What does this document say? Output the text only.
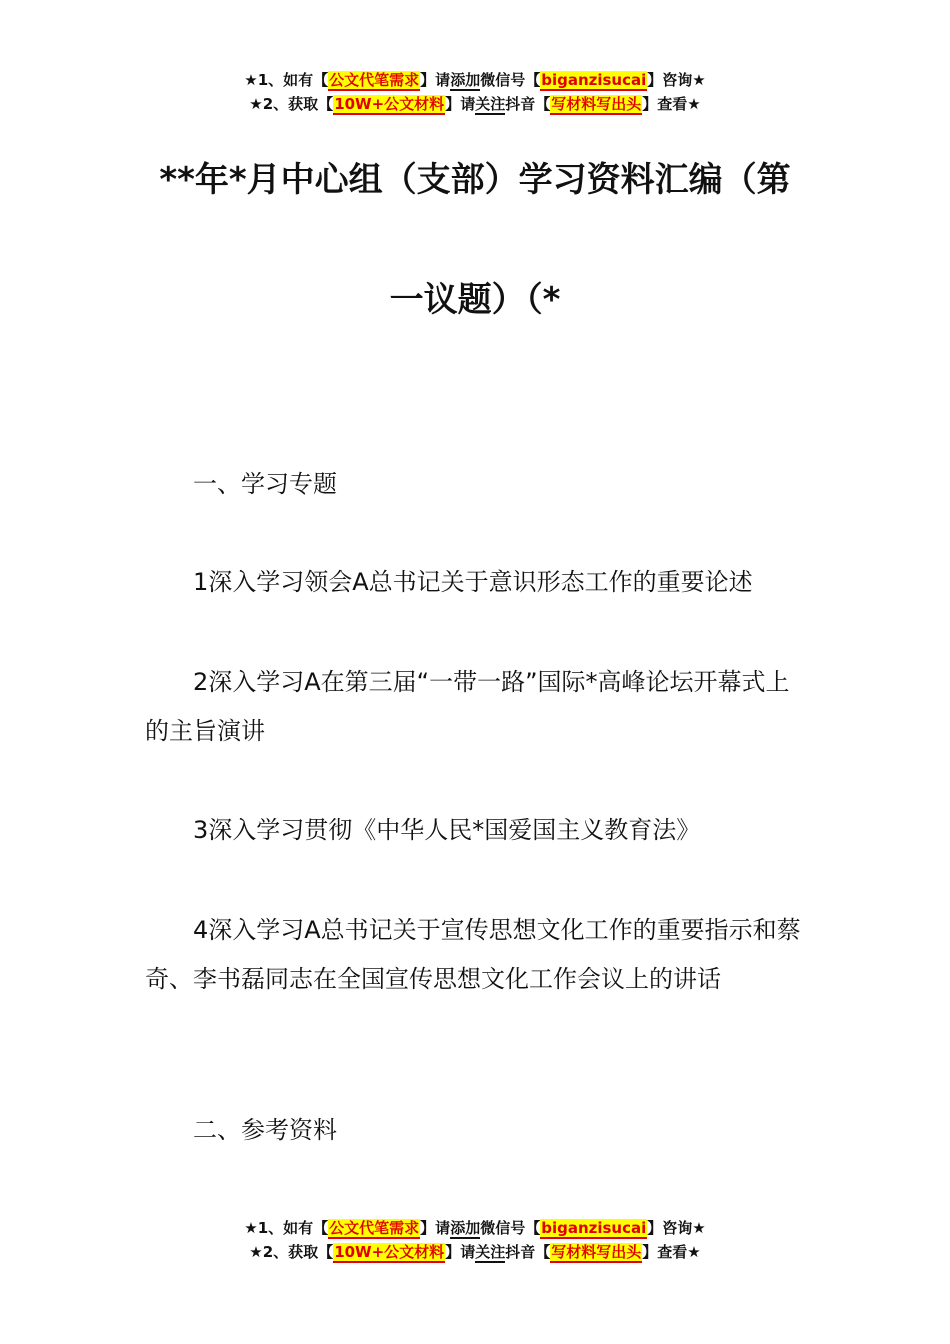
★1、如有【公文代笔需求】请添加微信号【biganzisucai】咨询★
★2、获取【10W+公文材料】请关注抖音【写材料写出头】查看★
**年*月中心组（支部）学习资料汇编（第
一议题）（*

一、学习专题

1深入学习领会A总书记关于意识形态工作的重要论述

2深入学习A在第三届“一带一路”国际*高峰论坛开幕式上的主旨演讲

3深入学习贯彻《中华人民*国爱国主义教育法》

4深入学习A总书记关于宣传思想文化工作的重要指示和蔡奇、李书磊同志在全国宣传思想文化工作会议上的讲话

二、参考资料

★1、如有【公文代笔需求】请添加微信号【biganzisucai】咨询★
★2、获取【10W+公文材料】请关注抖音【写材料写出头】查看★
